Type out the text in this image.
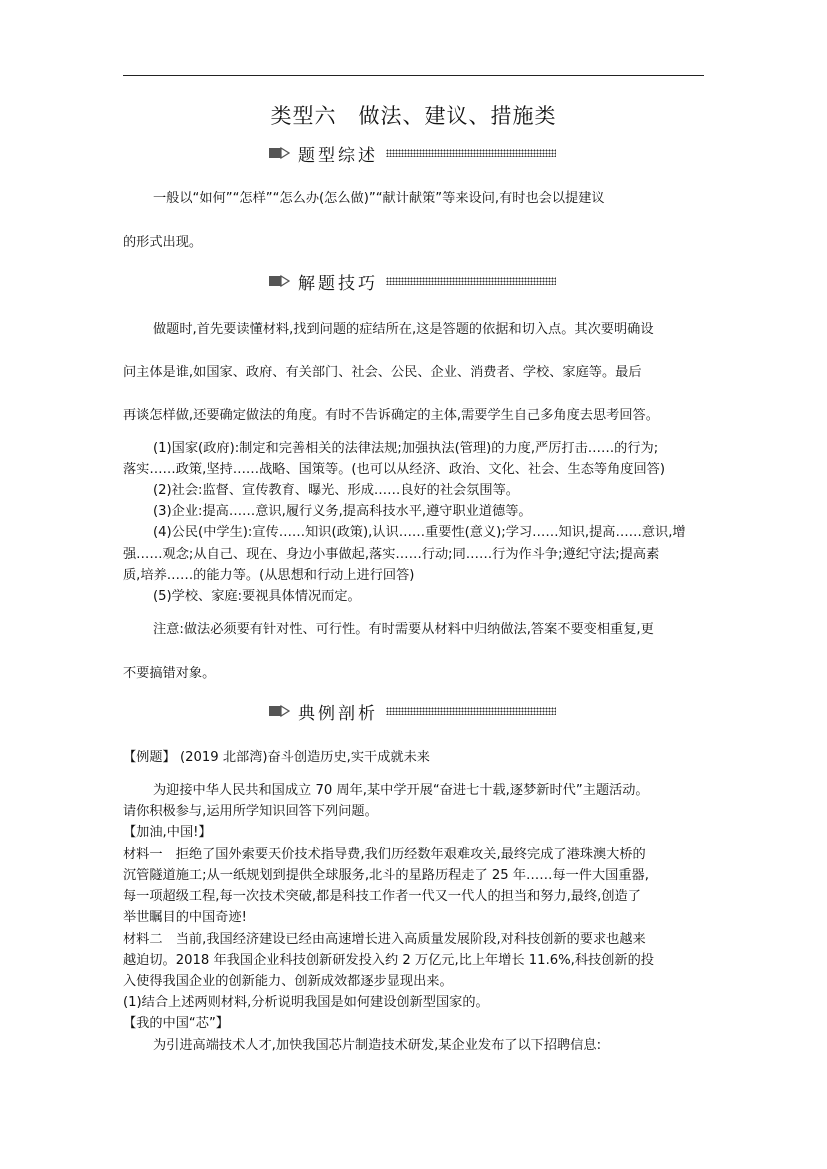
类型六　做法、建议、措施类
题型综述
一般以“如何”“怎样”“怎么办(怎么做)”“献计献策”等来设问,有时也会以提建议
的形式出现。
解题技巧
做题时,首先要读懂材料,找到问题的症结所在,这是答题的依据和切入点。其次要明确设
问主体是谁,如国家、政府、有关部门、社会、公民、企业、消费者、学校、家庭等。最后
再谈怎样做,还要确定做法的角度。有时不告诉确定的主体,需要学生自己多角度去思考回答。
(1)国家(政府):制定和完善相关的法律法规;加强执法(管理)的力度,严厉打击……的行为;
落实……政策,坚持……战略、国策等。(也可以从经济、政治、文化、社会、生态等角度回答)
(2)社会:监督、宣传教育、曝光、形成……良好的社会氛围等。
(3)企业:提高……意识,履行义务,提高科技水平,遵守职业道德等。
(4)公民(中学生):宣传……知识(政策),认识……重要性(意义);学习……知识,提高……意识,增
强……观念;从自己、现在、身边小事做起,落实……行动;同……行为作斗争;遵纪守法;提高素
质,培养……的能力等。(从思想和行动上进行回答)
(5)学校、家庭:要视具体情况而定。
注意:做法必须要有针对性、可行性。有时需要从材料中归纳做法,答案不要变相重复,更
不要搞错对象。
典例剖析
【例题】 (2019 北部湾)奋斗创造历史,实干成就未来
为迎接中华人民共和国成立 70 周年,某中学开展“奋进七十载,逐梦新时代”主题活动。
请你积极参与,运用所学知识回答下列问题。
【加油,中国!】
材料一　拒绝了国外索要天价技术指导费,我们历经数年艰难攻关,最终完成了港珠澳大桥的
沉管隧道施工;从一纸规划到提供全球服务,北斗的星路历程走了 25 年……每一件大国重器,
每一项超级工程,每一次技术突破,都是科技工作者一代又一代人的担当和努力,最终,创造了
举世瞩目的中国奇迹!
材料二　当前,我国经济建设已经由高速增长进入高质量发展阶段,对科技创新的要求也越来
越迫切。2018 年我国企业科技创新研发投入约 2 万亿元,比上年增长 11.6%,科技创新的投
入使得我国企业的创新能力、创新成效都逐步显现出来。
(1)结合上述两则材料,分析说明我国是如何建设创新型国家的。
【我的中国“芯”】
为引进高端技术人才,加快我国芯片制造技术研发,某企业发布了以下招聘信息:
